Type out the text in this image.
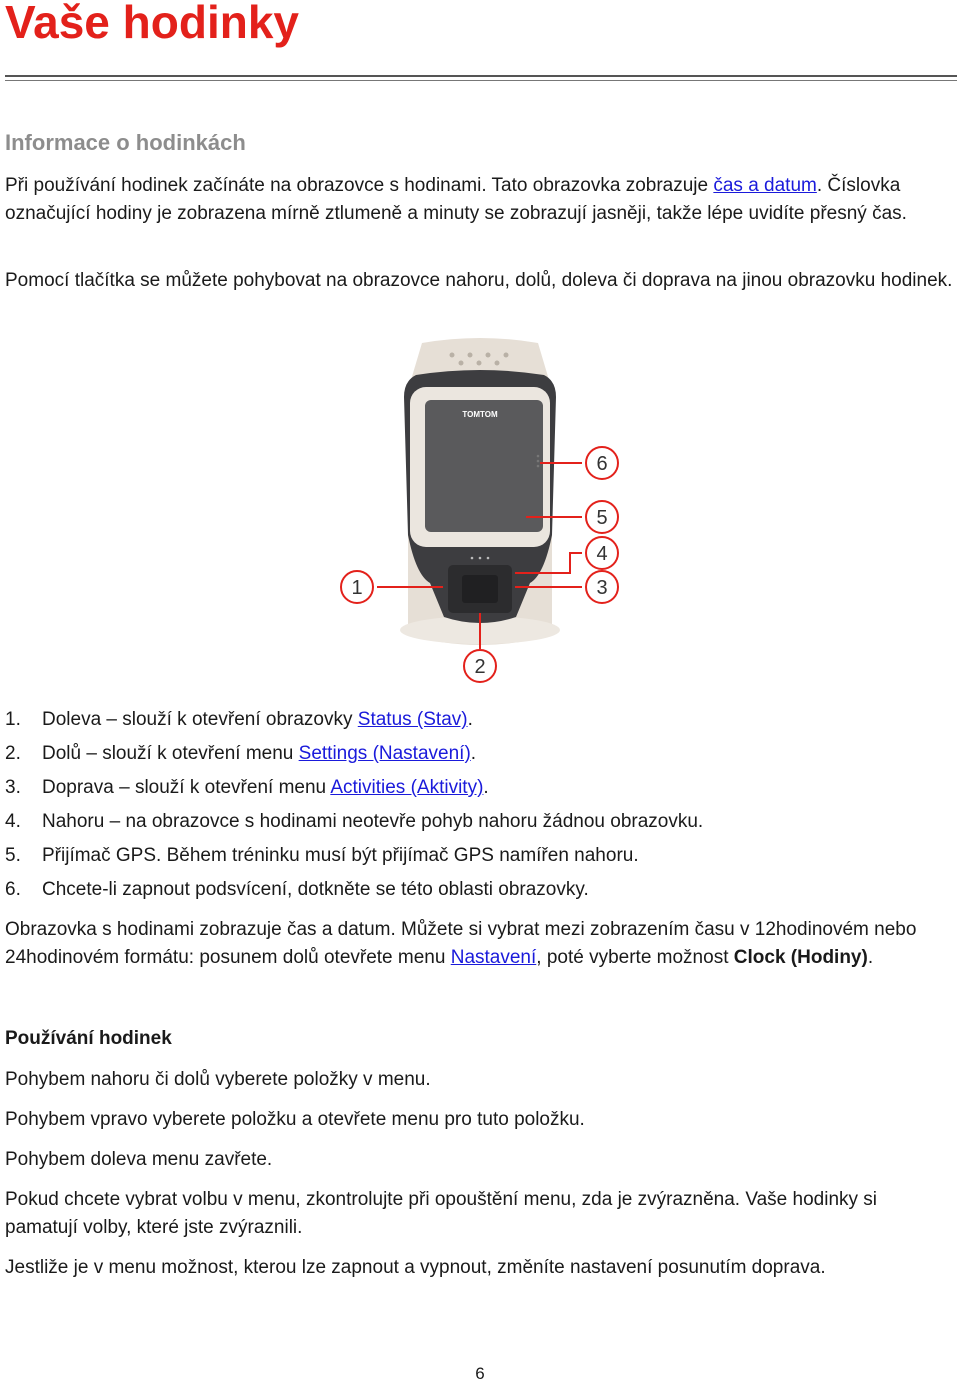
Vaše hodinky
Informace o hodinkách

Při používání hodinek začínáte na obrazovce s hodinami. Tato obrazovka zobrazuje čas a datum. Číslovka označující hodiny je zobrazena mírně ztlumeně a minuty se zobrazují jasněji, takže lépe uvidíte přesný čas.

Pomocí tlačítka se můžete pohybovat na obrazovce nahoru, dolů, doleva či doprava na jinou obrazovku hodinek.

TOMTOM
6
5
4
3
1
2
1.	Doleva – slouží k otevření obrazovky Status (Stav).
2.	Dolů – slouží k otevření menu Settings (Nastavení).
3.	Doprava – slouží k otevření menu Activities (Aktivity).
4.	Nahoru – na obrazovce s hodinami neotevře pohyb nahoru žádnou obrazovku.
5.	Přijímač GPS. Během tréninku musí být přijímač GPS namířen nahoru.
6.	Chcete-li zapnout podsvícení, dotkněte se této oblasti obrazovky.

Obrazovka s hodinami zobrazuje čas a datum. Můžete si vybrat mezi zobrazením času v 12hodinovém nebo 24hodinovém formátu: posunem dolů otevřete menu Nastavení, poté vyberte možnost Clock (Hodiny).

Používání hodinek

Pohybem nahoru či dolů vyberete položky v menu.

Pohybem vpravo vyberete položku a otevřete menu pro tuto položku.

Pohybem doleva menu zavřete.

Pokud chcete vybrat volbu v menu, zkontrolujte při opouštění menu, zda je zvýrazněna. Vaše hodinky si pamatují volby, které jste zvýraznili.

Jestliže je v menu možnost, kterou lze zapnout a vypnout, změníte nastavení posunutím doprava.

6
